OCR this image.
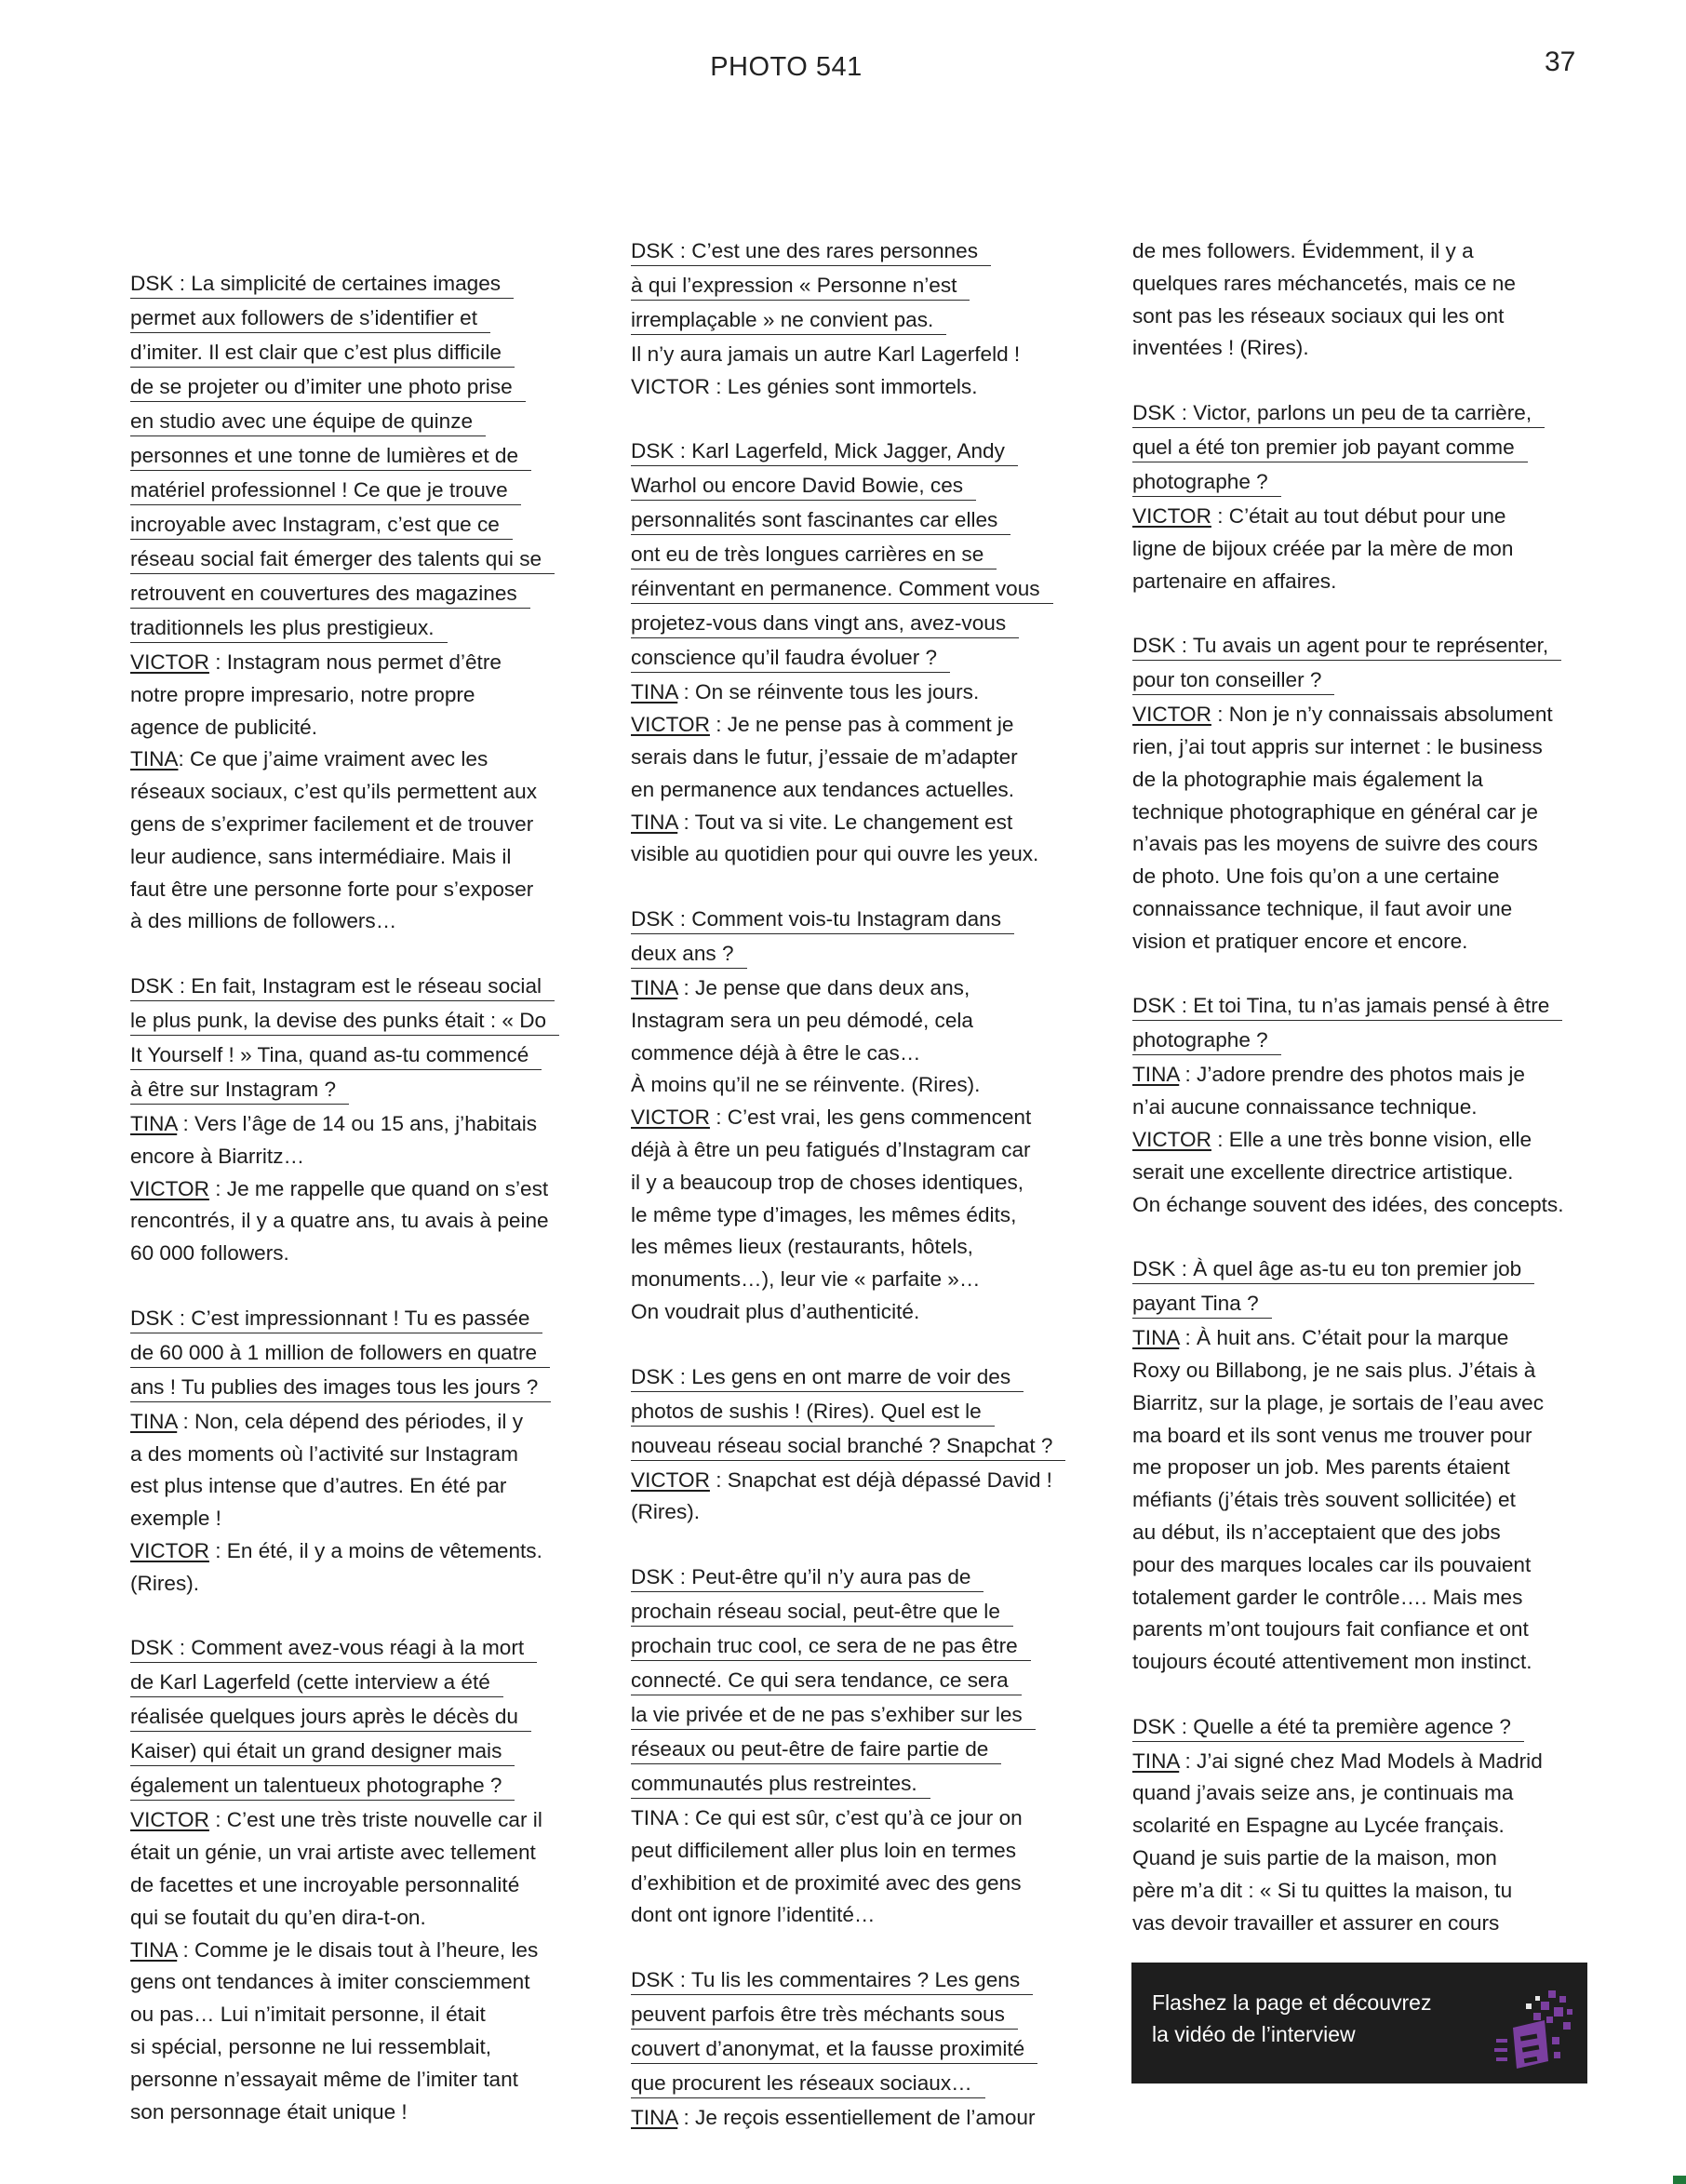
PHOTO 541	37
DSK : La simplicité de certaines images
permet aux followers de s’identifier et
d’imiter. Il est clair que c’est plus difficile
de se projeter ou d’imiter une photo prise
en studio avec une équipe de quinze
personnes et une tonne de lumières et de
matériel professionnel ! Ce que je trouve
incroyable avec Instagram, c’est que ce
réseau social fait émerger des talents qui se
retrouvent en couvertures des magazines
traditionnels les plus prestigieux.
VICTOR : Instagram nous permet d’être
notre propre impresario, notre propre
agence de publicité.
TINA: Ce que j’aime vraiment avec les
réseaux sociaux, c’est qu’ils permettent aux
gens de s’exprimer facilement et de trouver
leur audience, sans intermédiaire. Mais il
faut être une personne forte pour s’exposer
à des millions de followers…
DSK : En fait, Instagram est le réseau social
le plus punk, la devise des punks était : « Do
It Yourself ! » Tina, quand as-tu commencé
à être sur Instagram ?
TINA : Vers l’âge de 14 ou 15 ans, j’habitais
encore à Biarritz…
VICTOR : Je me rappelle que quand on s’est
rencontrés, il y a quatre ans, tu avais à peine
60 000 followers.
DSK : C’est impressionnant ! Tu es passée
de 60 000 à 1 million de followers en quatre
ans ! Tu publies des images tous les jours ?
TINA : Non, cela dépend des périodes, il y
a des moments où l’activité sur Instagram
est plus intense que d’autres. En été par
exemple !
VICTOR : En été, il y a moins de vêtements.
(Rires).
DSK : Comment avez-vous réagi à la mort
de Karl Lagerfeld (cette interview a été
réalisée quelques jours après le décès du
Kaiser) qui était un grand designer mais
également un talentueux photographe ?
VICTOR : C’est une très triste nouvelle car il
était un génie, un vrai artiste avec tellement
de facettes et une incroyable personnalité
qui se foutait du qu’en dira-t-on.
TINA : Comme je le disais tout à l’heure, les
gens ont tendances à imiter consciemment
ou pas… Lui n’imitait personne, il était
si spécial, personne ne lui ressemblait,
personne n’essayait même de l’imiter tant
son personnage était unique !
DSK : C’est une des rares personnes
à qui l’expression « Personne n’est
irremplaçable » ne convient pas.
Il n’y aura jamais un autre Karl Lagerfeld !
VICTOR : Les génies sont immortels.
DSK : Karl Lagerfeld, Mick Jagger, Andy
Warhol ou encore David Bowie, ces
personnalités sont fascinantes car elles
ont eu de très longues carrières en se
réinventant en permanence. Comment vous
projetez-vous dans vingt ans, avez-vous
conscience qu’il faudra évoluer ?
TINA : On se réinvente tous les jours.
VICTOR : Je ne pense pas à comment je
serais dans le futur, j’essaie de m’adapter
en permanence aux tendances actuelles.
TINA : Tout va si vite. Le changement est
visible au quotidien pour qui ouvre les yeux.
DSK : Comment vois-tu Instagram dans
deux ans ?
TINA : Je pense que dans deux ans,
Instagram sera un peu démodé, cela
commence déjà à être le cas…
À moins qu’il ne se réinvente. (Rires).
VICTOR : C’est vrai, les gens commencent
déjà à être un peu fatigués d’Instagram car
il y a beaucoup trop de choses identiques,
le même type d’images, les mêmes édits,
les mêmes lieux (restaurants, hôtels,
monuments…), leur vie « parfaite »…
On voudrait plus d’authenticité.
DSK : Les gens en ont marre de voir des
photos de sushis ! (Rires). Quel est le
nouveau réseau social branché ? Snapchat ?
VICTOR : Snapchat est déjà dépassé David !
(Rires).
DSK : Peut-être qu’il n’y aura pas de
prochain réseau social, peut-être que le
prochain truc cool, ce sera de ne pas être
connecté. Ce qui sera tendance, ce sera
la vie privée et de ne pas s’exhiber sur les
réseaux ou peut-être de faire partie de
communautés plus restreintes.
TINA : Ce qui est sûr, c’est qu’à ce jour on
peut difficilement aller plus loin en termes
d’exhibition et de proximité avec des gens
dont ont ignore l’identité…
DSK : Tu lis les commentaires ? Les gens
peuvent parfois être très méchants sous
couvert d’anonymat, et la fausse proximité
que procurent les réseaux sociaux…
TINA : Je reçois essentiellement de l’amour
de mes followers. Évidemment, il y a
quelques rares méchancetés, mais ce ne
sont pas les réseaux sociaux qui les ont
inventées ! (Rires).
DSK : Victor, parlons un peu de ta carrière,
quel a été ton premier job payant comme
photographe ?
VICTOR : C’était au tout début pour une
ligne de bijoux créée par la mère de mon
partenaire en affaires.
DSK : Tu avais un agent pour te représenter,
pour ton conseiller ?
VICTOR : Non je n’y connaissais absolument
rien, j’ai tout appris sur internet : le business
de la photographie mais également la
technique photographique en général car je
n’avais pas les moyens de suivre des cours
de photo. Une fois qu’on a une certaine
connaissance technique, il faut avoir une
vision et pratiquer encore et encore.
DSK : Et toi Tina, tu n’as jamais pensé à être
photographe ?
TINA : J’adore prendre des photos mais je
n’ai aucune connaissance technique.
VICTOR : Elle a une très bonne vision, elle
serait une excellente directrice artistique.
On échange souvent des idées, des concepts.
DSK : À quel âge as-tu eu ton premier job
payant Tina ?
TINA : À huit ans. C’était pour la marque
Roxy ou Billabong, je ne sais plus. J’étais à
Biarritz, sur la plage, je sortais de l’eau avec
ma board et ils sont venus me trouver pour
me proposer un job. Mes parents étaient
méfiants (j’étais très souvent sollicitée) et
au début, ils n’acceptaient que des jobs
pour des marques locales car ils pouvaient
totalement garder le contrôle…. Mais mes
parents m’ont toujours fait confiance et ont
toujours écouté attentivement mon instinct.
DSK : Quelle a été ta première agence ?
TINA : J’ai signé chez Mad Models à Madrid
quand j’avais seize ans, je continuais ma
scolarité en Espagne au Lycée français.
Quand je suis partie de la maison, mon
père m’a dit : « Si tu quittes la maison, tu
vas devoir travailler et assurer en cours
Flashez la page et découvrez
la vidéo de l’interview
